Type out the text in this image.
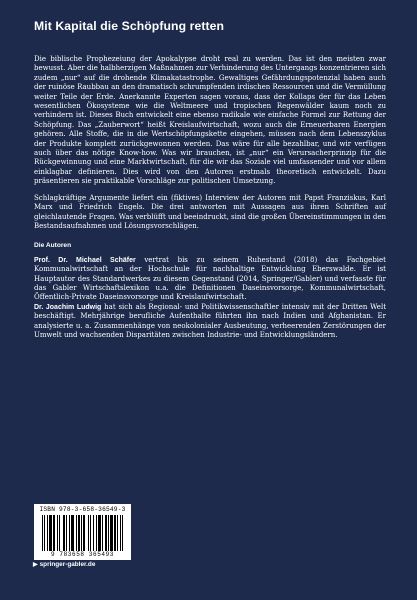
Mit Kapital die Schöpfung retten

Die biblische Prophezeiung der Apokalypse droht real zu werden. Das ist den meisten zwar bewusst. Aber die halbherzigen Maßnahmen zur Verhinderung des Untergangs konzentrieren sich zudem „nur“ auf die drohende Klimakatastrophe. Gewaltiges Gefährdungspotenzial haben auch der ruinöse Raubbau an den dramatisch schrumpfenden irdischen Ressourcen und die Vermüllung weiter Teile der Erde. Anerkannte Experten sagen voraus, dass der Kollaps der für das Leben wesentlichen Ökosysteme wie die Weltmeere und tropischen Regenwälder kaum noch zu verhindern ist. Dieses Buch entwickelt eine ebenso radikale wie einfache Formel zur Rettung der Schöpfung. Das „Zauberwort“ heißt Kreislaufwirtschaft, wozu auch die Erneuerbaren Energien gehören. Alle Stoffe, die in die Wertschöpfungskette eingehen, müssen nach dem Lebenszyklus der Produkte komplett zurückgewonnen werden. Das wäre für alle bezahlbar, und wir verfügen auch über das nötige Know-how. Was wir brauchen, ist „nur“ ein Verursacherprinzip für die Rückgewinnung und eine Marktwirtschaft, für die wir das Soziale viel umfassender und vor allem einklagbar definieren. Dies wird von den Autoren erstmals theoretisch entwickelt. Dazu präsentieren sie praktikable Vorschläge zur politischen Umsetzung.

Schlagkräftige Argumente liefert ein (fiktives) Interview der Autoren mit Papst Franziskus, Karl Marx und Friedrich Engels. Die drei antworten mit Aussagen aus ihren Schriften auf gleichlautende Fragen. Was verblüfft und beeindruckt, sind die großen Übereinstimmungen in den Bestandsaufnahmen und Lösungsvorschlägen.

Die Autoren

Prof. Dr. Michael Schäfer vertrat bis zu seinem Ruhestand (2018) das Fachgebiet Kommunalwirtschaft an der Hochschule für nachhaltige Entwicklung Eberswalde. Er ist Hauptautor des Standardwerkes zu diesem Gegenstand (2014, Springer/Gabler) und verfasste für das Gabler Wirtschaftslexikon u.a. die Definitionen Daseinsvorsorge, Kommunalwirtschaft, Öffentlich-Private Daseinsvorsorge und Kreislaufwirtschaft.

Dr. Joachim Ludwig hat sich als Regional- und Politikwissenschaftler intensiv mit der Dritten Welt beschäftigt. Mehrjährige berufliche Aufenthalte führten ihn nach Indien und Afghanistan. Er analysierte u. a. Zusammenhänge von neokolonialer Ausbeutung, verheerenden Zerstörungen der Umwelt und wachsenden Disparitäten zwischen Industrie- und Entwicklungsländern.

ISBN 978-3-658-36549-3
9 783658 365493
▶ springer-gabler.de
